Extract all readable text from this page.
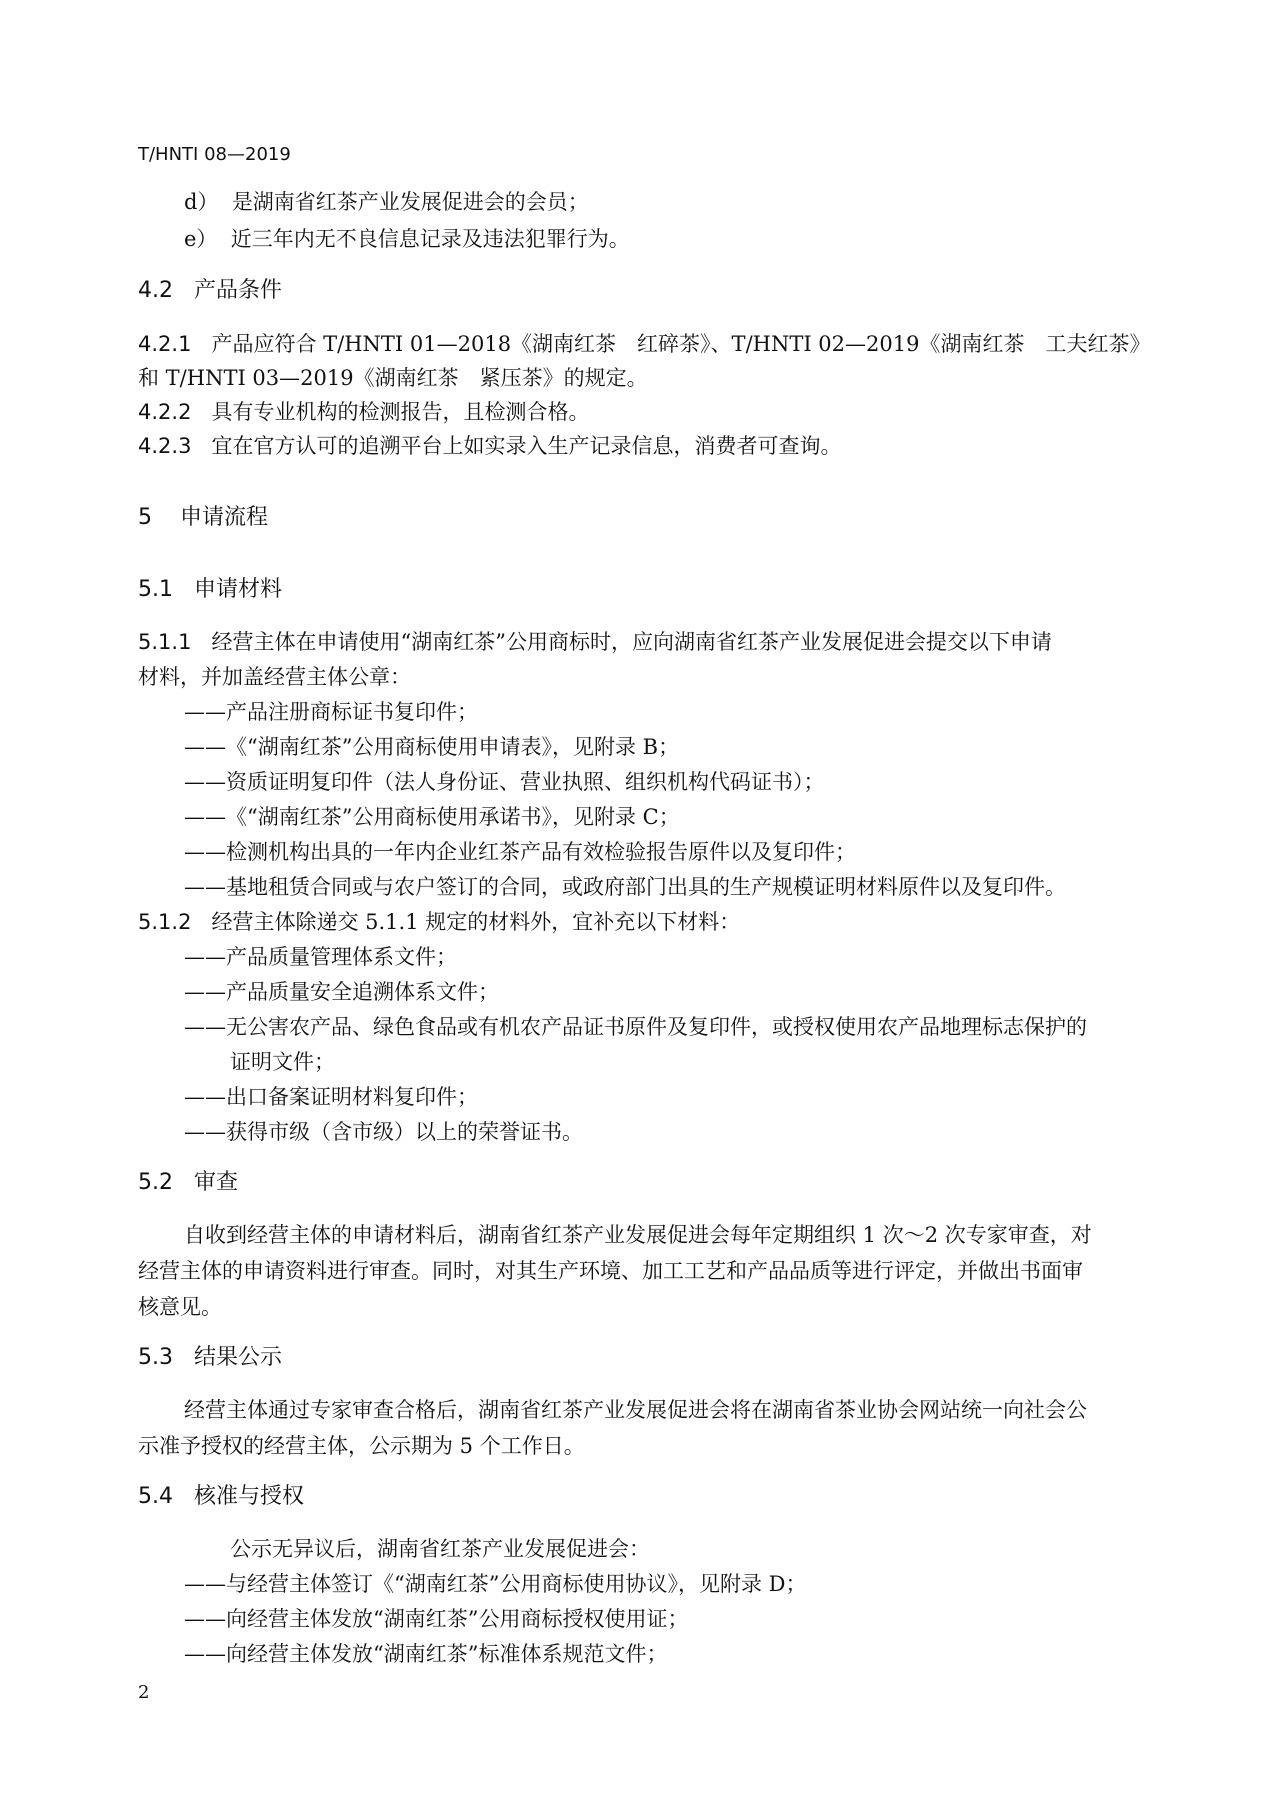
T/HNTI 08—2019
d） 是湖南省红茶产业发展促进会的会员；
e） 近三年内无不良信息记录及违法犯罪行为。
4.2 产品条件
4.2.1 产品应符合 T/HNTI 01—2018《湖南红茶　红碎茶》、T/HNTI 02—2019《湖南红茶　工夫红茶》
和 T/HNTI 03—2019《湖南红茶　紧压茶》的规定。
4.2.2 具有专业机构的检测报告，且检测合格。
4.2.3 宜在官方认可的追溯平台上如实录入生产记录信息，消费者可查询。
5 申请流程
5.1 申请材料
5.1.1 经营主体在申请使用“湖南红茶”公用商标时，应向湖南省红茶产业发展促进会提交以下申请
材料，并加盖经营主体公章：
——产品注册商标证书复印件；
——《“湖南红茶”公用商标使用申请表》，见附录 B；
——资质证明复印件（法人身份证、营业执照、组织机构代码证书）；
——《“湖南红茶”公用商标使用承诺书》，见附录 C；
——检测机构出具的一年内企业红茶产品有效检验报告原件以及复印件；
——基地租赁合同或与农户签订的合同，或政府部门出具的生产规模证明材料原件以及复印件。
5.1.2 经营主体除递交 5.1.1 规定的材料外，宜补充以下材料：
——产品质量管理体系文件；
——产品质量安全追溯体系文件；
——无公害农产品、绿色食品或有机农产品证书原件及复印件，或授权使用农产品地理标志保护的
证明文件；
——出口备案证明材料复印件；
——获得市级（含市级）以上的荣誉证书。
5.2 审查
自收到经营主体的申请材料后，湖南省红茶产业发展促进会每年定期组织 1 次～2 次专家审查，对
经营主体的申请资料进行审查。同时，对其生产环境、加工工艺和产品品质等进行评定，并做出书面审
核意见。
5.3 结果公示
经营主体通过专家审查合格后，湖南省红茶产业发展促进会将在湖南省茶业协会网站统一向社会公
示准予授权的经营主体，公示期为 5 个工作日。
5.4 核准与授权
公示无异议后，湖南省红茶产业发展促进会：
——与经营主体签订《“湖南红茶”公用商标使用协议》，见附录 D；
——向经营主体发放“湖南红茶”公用商标授权使用证；
——向经营主体发放“湖南红茶”标准体系规范文件；
2
